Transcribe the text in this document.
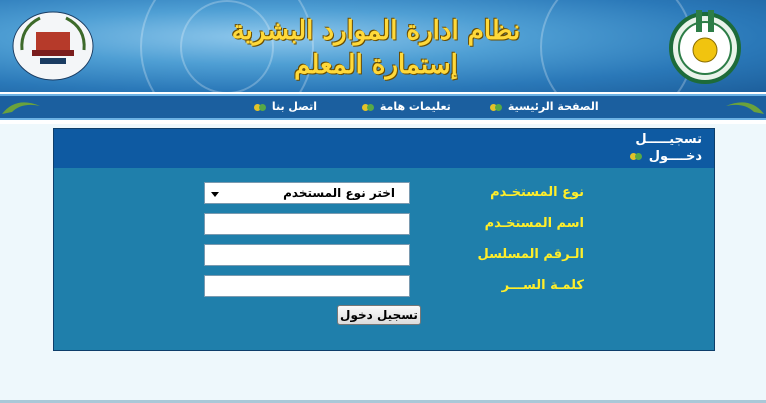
نظام ادارة الموارد البشرية
إستمارة المعلم
الصفحة الرئيسية
تعليمات هامة
اتصل بنا
تسجيـــــل
دخــــول
نوع المستخـدم
اختر نوع المستخدم
اسم المستخـدم
الـرقم المسلسل
كلمـة الســـر
تسجيل دخول
